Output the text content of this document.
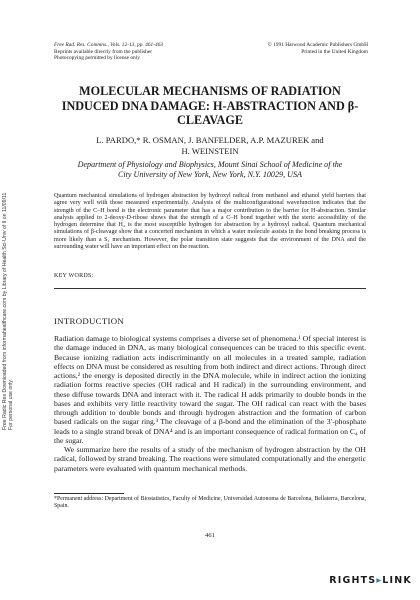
Free Rad. Res. Commns., Vols. 12-13, pp. 461-463
Reprints available directly from the publisher
Photocopying permitted by license only
© 1991 Harwood Academic Publishers GmbH
Printed in the United Kingdom
MOLECULAR MECHANISMS OF RADIATION
INDUCED DNA DAMAGE: H-ABSTRACTION AND β-
CLEAVAGE
L. PARDO,* R. OSMAN, J. BANFELDER, A.P. MAZUREK and
H. WEINSTEIN
Department of Physiology and Biophysics, Mount Sinai School of Medicine of the
City University of New York, New York, N.Y. 10029, USA
Quantum mechanical simulations of hydrogen abstraction by hydroxyl radical from methanol and ethanol yield barriers that agree very well with those measured experimentally. Analysis of the multiconfigurational wavefunction indicates that the strength of the C–H bond is the electronic parameter that has a major contribution to the barrier for H-abstraction. Similar analysis applied to 2-deoxy-D-ribose shows that the strength of a C–H bond together with the steric accessibility of the hydrogen determine that H₄ is the most susceptible hydrogen for abstraction by a hydroxyl radical. Quantum mechanical simulations of β-cleavage show that a concerted mechanism in which a water molecule assists in the bond breaking process is more likely than a S₁ mechanism. However, the polar transition state suggests that the environment of the DNA and the surrounding water will have an important effect on the reaction.
KEY WORDS:
INTRODUCTION

Radiation damage to biological systems comprises a diverse set of phenomena.¹ Of special interest is the damage induced in DNA, as many biological consequences can be traced to this specific event. Because ionizing radiation acts indiscriminantly on all molecules in a treated sample, radiation effects on DNA must be considered as resulting from both indirect and direct actions. Through direct actions,² the energy is deposited directly in the DNA molecule, while in indirect action the ionizing radiation forms reactive species (OH radical and H radical) in the surrounding environment, and these diffuse towards DNA and interact with it. The radical H adds primarily to double bonds in the bases and exhibits very little reactivity toward the sugar. The OH radical can react with the bases through addition to double bonds and through hydrogen abstraction and the formation of carbon based radicals on the sugar ring.³ The cleavage of a β-bond and the elimination of the 3′-phosphate leads to a single strand break of DNA⁴ and is an important consequence of radical formation on C₄ of the sugar.

We summarize here the results of a study of the mechanism of hydrogen abstraction by the OH radical, followed by strand breaking. The reactions were simulated computationally and the energetic parameters were evaluated with quantum mechanical methods.

*Permanent address: Department of Biostatistics, Faculty of Medicine, Universidad Autonoma de Barcelona, Bellaterra, Barcelona, Spain.
461
Free Radic Res Downloaded from informahealthcare.com by Library of Health Sci-Univ of Il on 11/09/11
For personal use only.
RIGHTS▸LINK
